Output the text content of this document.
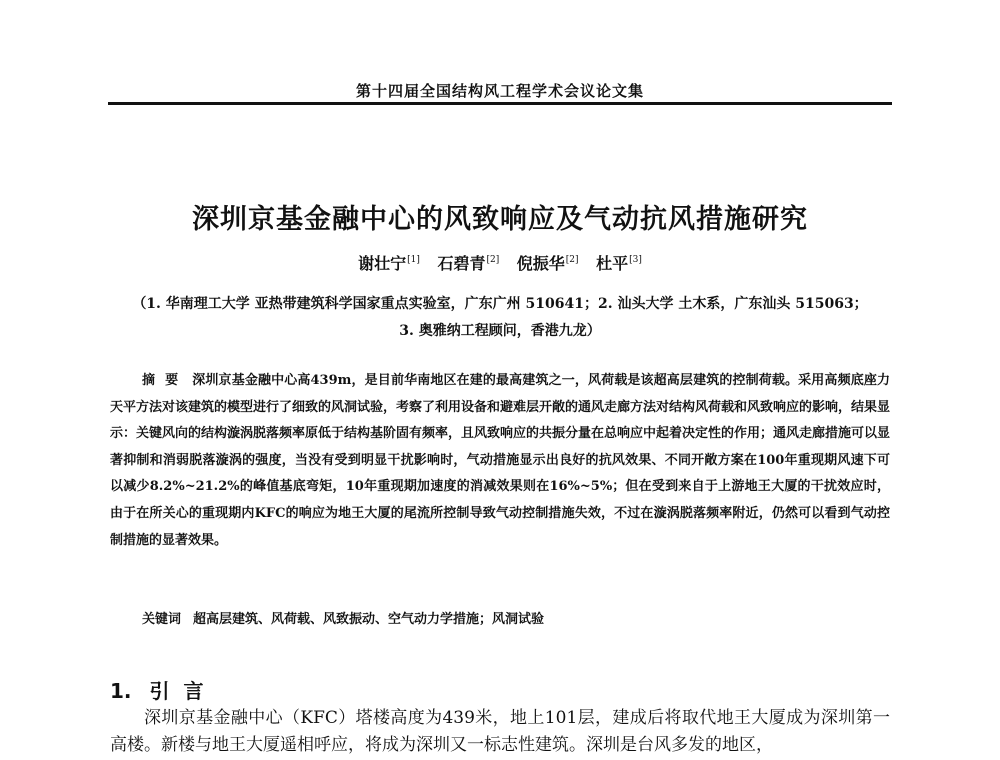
第十四届全国结构风工程学术会议论文集
深圳京基金融中心的风致响应及气动抗风措施研究
谢壮宁[1] 石碧青[2] 倪振华[2] 杜平[3]
（1. 华南理工大学 亚热带建筑科学国家重点实验室，广东广州 510641；2. 汕头大学 土木系，广东汕头 515063；
3. 奥雅纳工程顾问，香港九龙）
摘要 深圳京基金融中心高439m，是目前华南地区在建的最高建筑之一，风荷载是该超高层建筑的控制荷载。采用高频底座力天平方法对该建筑的模型进行了细致的风洞试验，考察了利用设备和避难层开敞的通风走廊方法对结构风荷载和风致响应的影响，结果显示：关键风向的结构漩涡脱落频率原低于结构基阶固有频率，且风致响应的共振分量在总响应中起着决定性的作用；通风走廊措施可以显著抑制和消弱脱落漩涡的强度，当没有受到明显干扰影响时，气动措施显示出良好的抗风效果、不同开敞方案在100年重现期风速下可以减少8.2%~21.2%的峰值基底弯矩，10年重现期加速度的消减效果则在16%~5%；但在受到来自于上游地王大厦的干扰效应时，由于在所关心的重现期内KFC的响应为地王大厦的尾流所控制导致气动控制措施失效，不过在漩涡脱落频率附近，仍然可以看到气动控制措施的显著效果。
关键词 超高层建筑、风荷载、风致振动、空气动力学措施；风洞试验
1. 引言
深圳京基金融中心（KFC）塔楼高度为439米，地上101层，建成后将取代地王大厦成为深圳第一高楼。新楼与地王大厦遥相呼应，将成为深圳又一标志性建筑。深圳是台风多发的地区，
